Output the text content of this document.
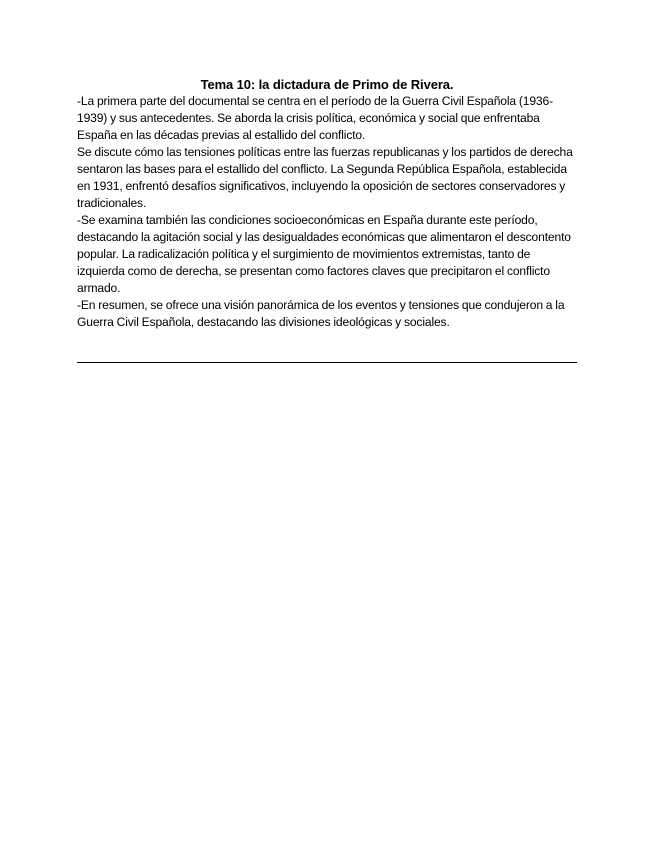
Tema 10: la dictadura de Primo de Rivera.

-La primera parte del documental se centra en el período de la Guerra Civil Española (1936-1939) y sus antecedentes. Se aborda la crisis política, económica y social que enfrentaba España en las décadas previas al estallido del conflicto.

Se discute cómo las tensiones políticas entre las fuerzas republicanas y los partidos de derecha sentaron las bases para el estallido del conflicto. La Segunda República Española, establecida en 1931, enfrentó desafíos significativos, incluyendo la oposición de sectores conservadores y tradicionales.

-Se examina también las condiciones socioeconómicas en España durante este período, destacando la agitación social y las desigualdades económicas que alimentaron el descontento popular. La radicalización política y el surgimiento de movimientos extremistas, tanto de izquierda como de derecha, se presentan como factores claves que precipitaron el conflicto armado.

-En resumen, se ofrece una visión panorámica de los eventos y tensiones que condujeron a la Guerra Civil Española, destacando las divisiones ideológicas y sociales.
